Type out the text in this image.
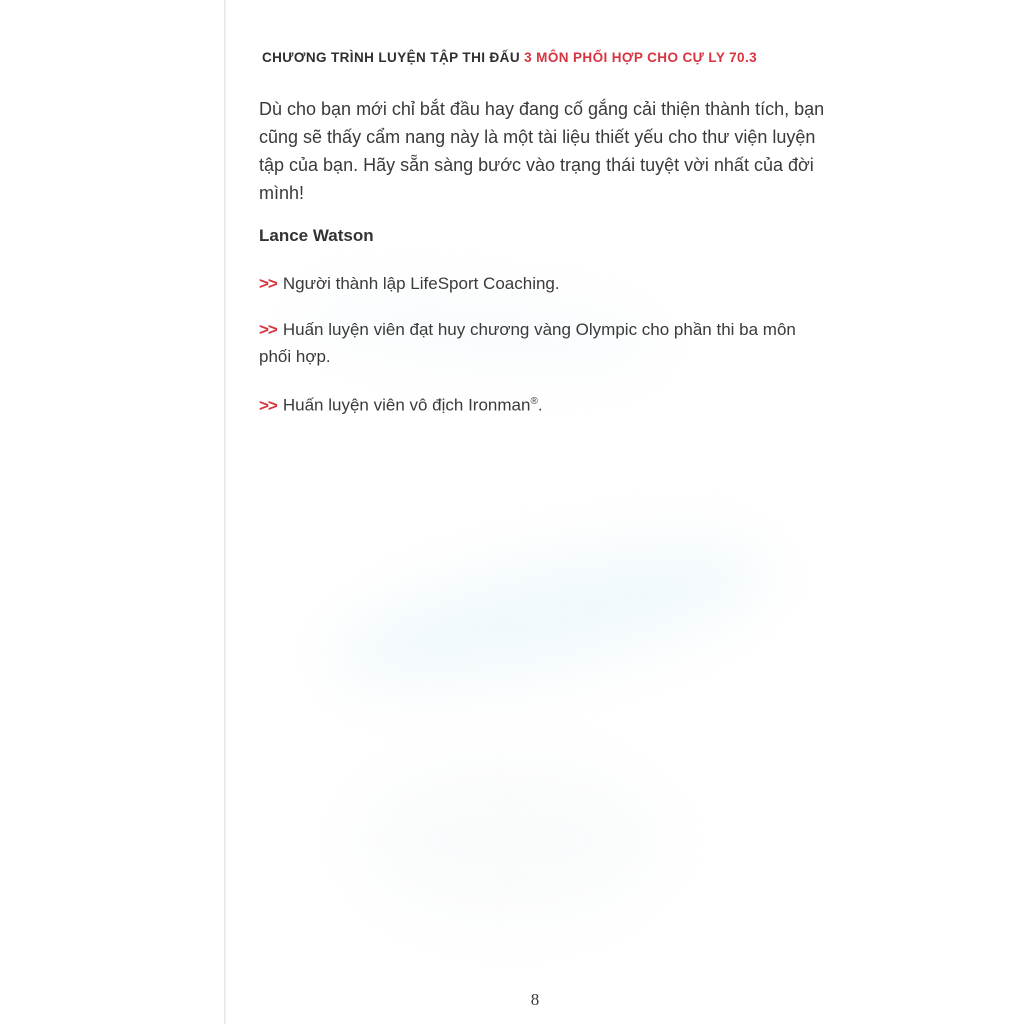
CHƯƠNG TRÌNH LUYỆN TẬP THI ĐẤU 3 MÔN PHỐI HỢP CHO CỰ LY 70.3

Dù cho bạn mới chỉ bắt đầu hay đang cố gắng cải thiện thành tích, bạn cũng sẽ thấy cẩm nang này là một tài liệu thiết yếu cho thư viện luyện tập của bạn. Hãy sẵn sàng bước vào trạng thái tuyệt vời nhất của đời mình!

Lance Watson
>> Người thành lập LifeSport Coaching.
>> Huấn luyện viên đạt huy chương vàng Olympic cho phần thi ba môn phối hợp.
>> Huấn luyện viên vô địch Ironman®.
8
